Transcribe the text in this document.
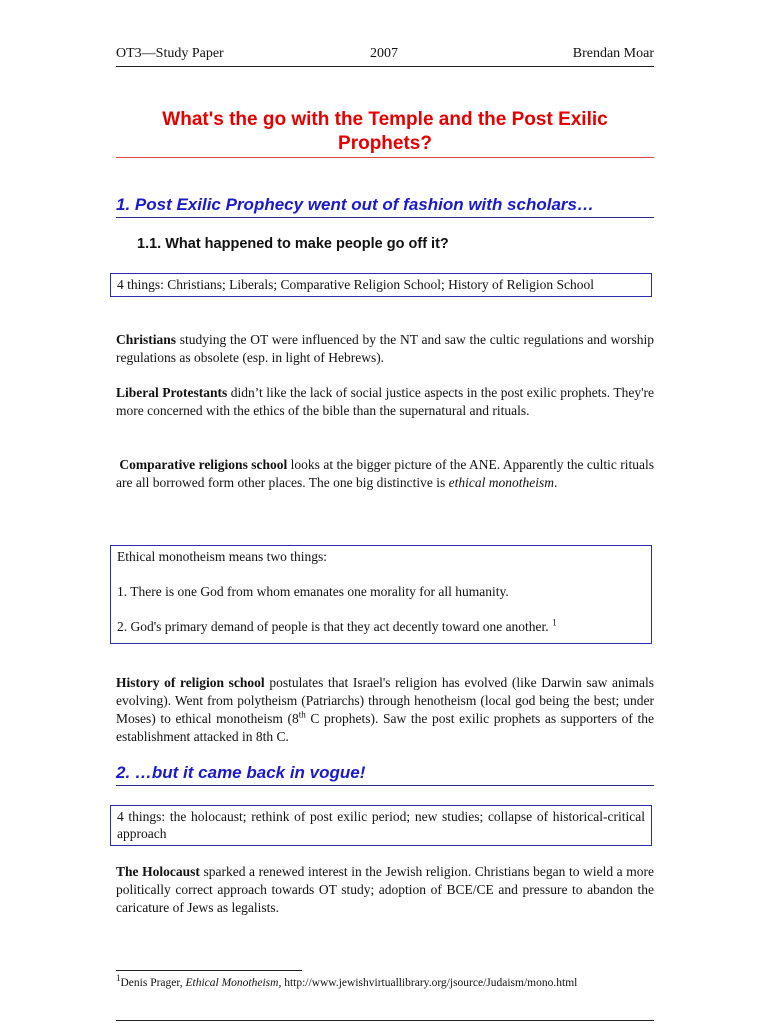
OT3—Study Paper	2007	Brendan Moar
What's the go with the Temple and the Post Exilic Prophets?
1. Post Exilic Prophecy went out of fashion with scholars…
1.1. What happened to make people go off it?

4 things: Christians; Liberals; Comparative Religion School; History of Religion School

Christians studying the OT were influenced by the NT and saw the cultic regulations and worship regulations as obsolete (esp. in light of Hebrews).

Liberal Protestants didn’t like the lack of social justice aspects in the post exilic prophets. They're more concerned with the ethics of the bible than the supernatural and rituals.

Comparative religions school looks at the bigger picture of the ANE. Apparently the cultic rituals are all borrowed form other places. The one big distinctive is ethical monotheism.

Ethical monotheism means two things:

1. There is one God from whom emanates one morality for all humanity.

2. God's primary demand of people is that they act decently toward one another. $^1$

History of religion school postulates that Israel's religion has evolved (like Darwin saw animals evolving). Went from polytheism (Patriarchs) through henotheism (local god being the best; under Moses) to ethical monotheism (8th C prophets). Saw the post exilic prophets as supporters of the establishment attacked in 8th C.

2. …but it came back in vogue!

4 things: the holocaust; rethink of post exilic period; new studies; collapse of historical-critical approach

The Holocaust sparked a renewed interest in the Jewish religion. Christians began to wield a more politically correct approach towards OT study; adoption of BCE/CE and pressure to abandon the caricature of Jews as legalists.

$^1$Denis Prager, Ethical Monotheism, http://www.jewishvirtuallibrary.org/jsource/Judaism/mono.html
